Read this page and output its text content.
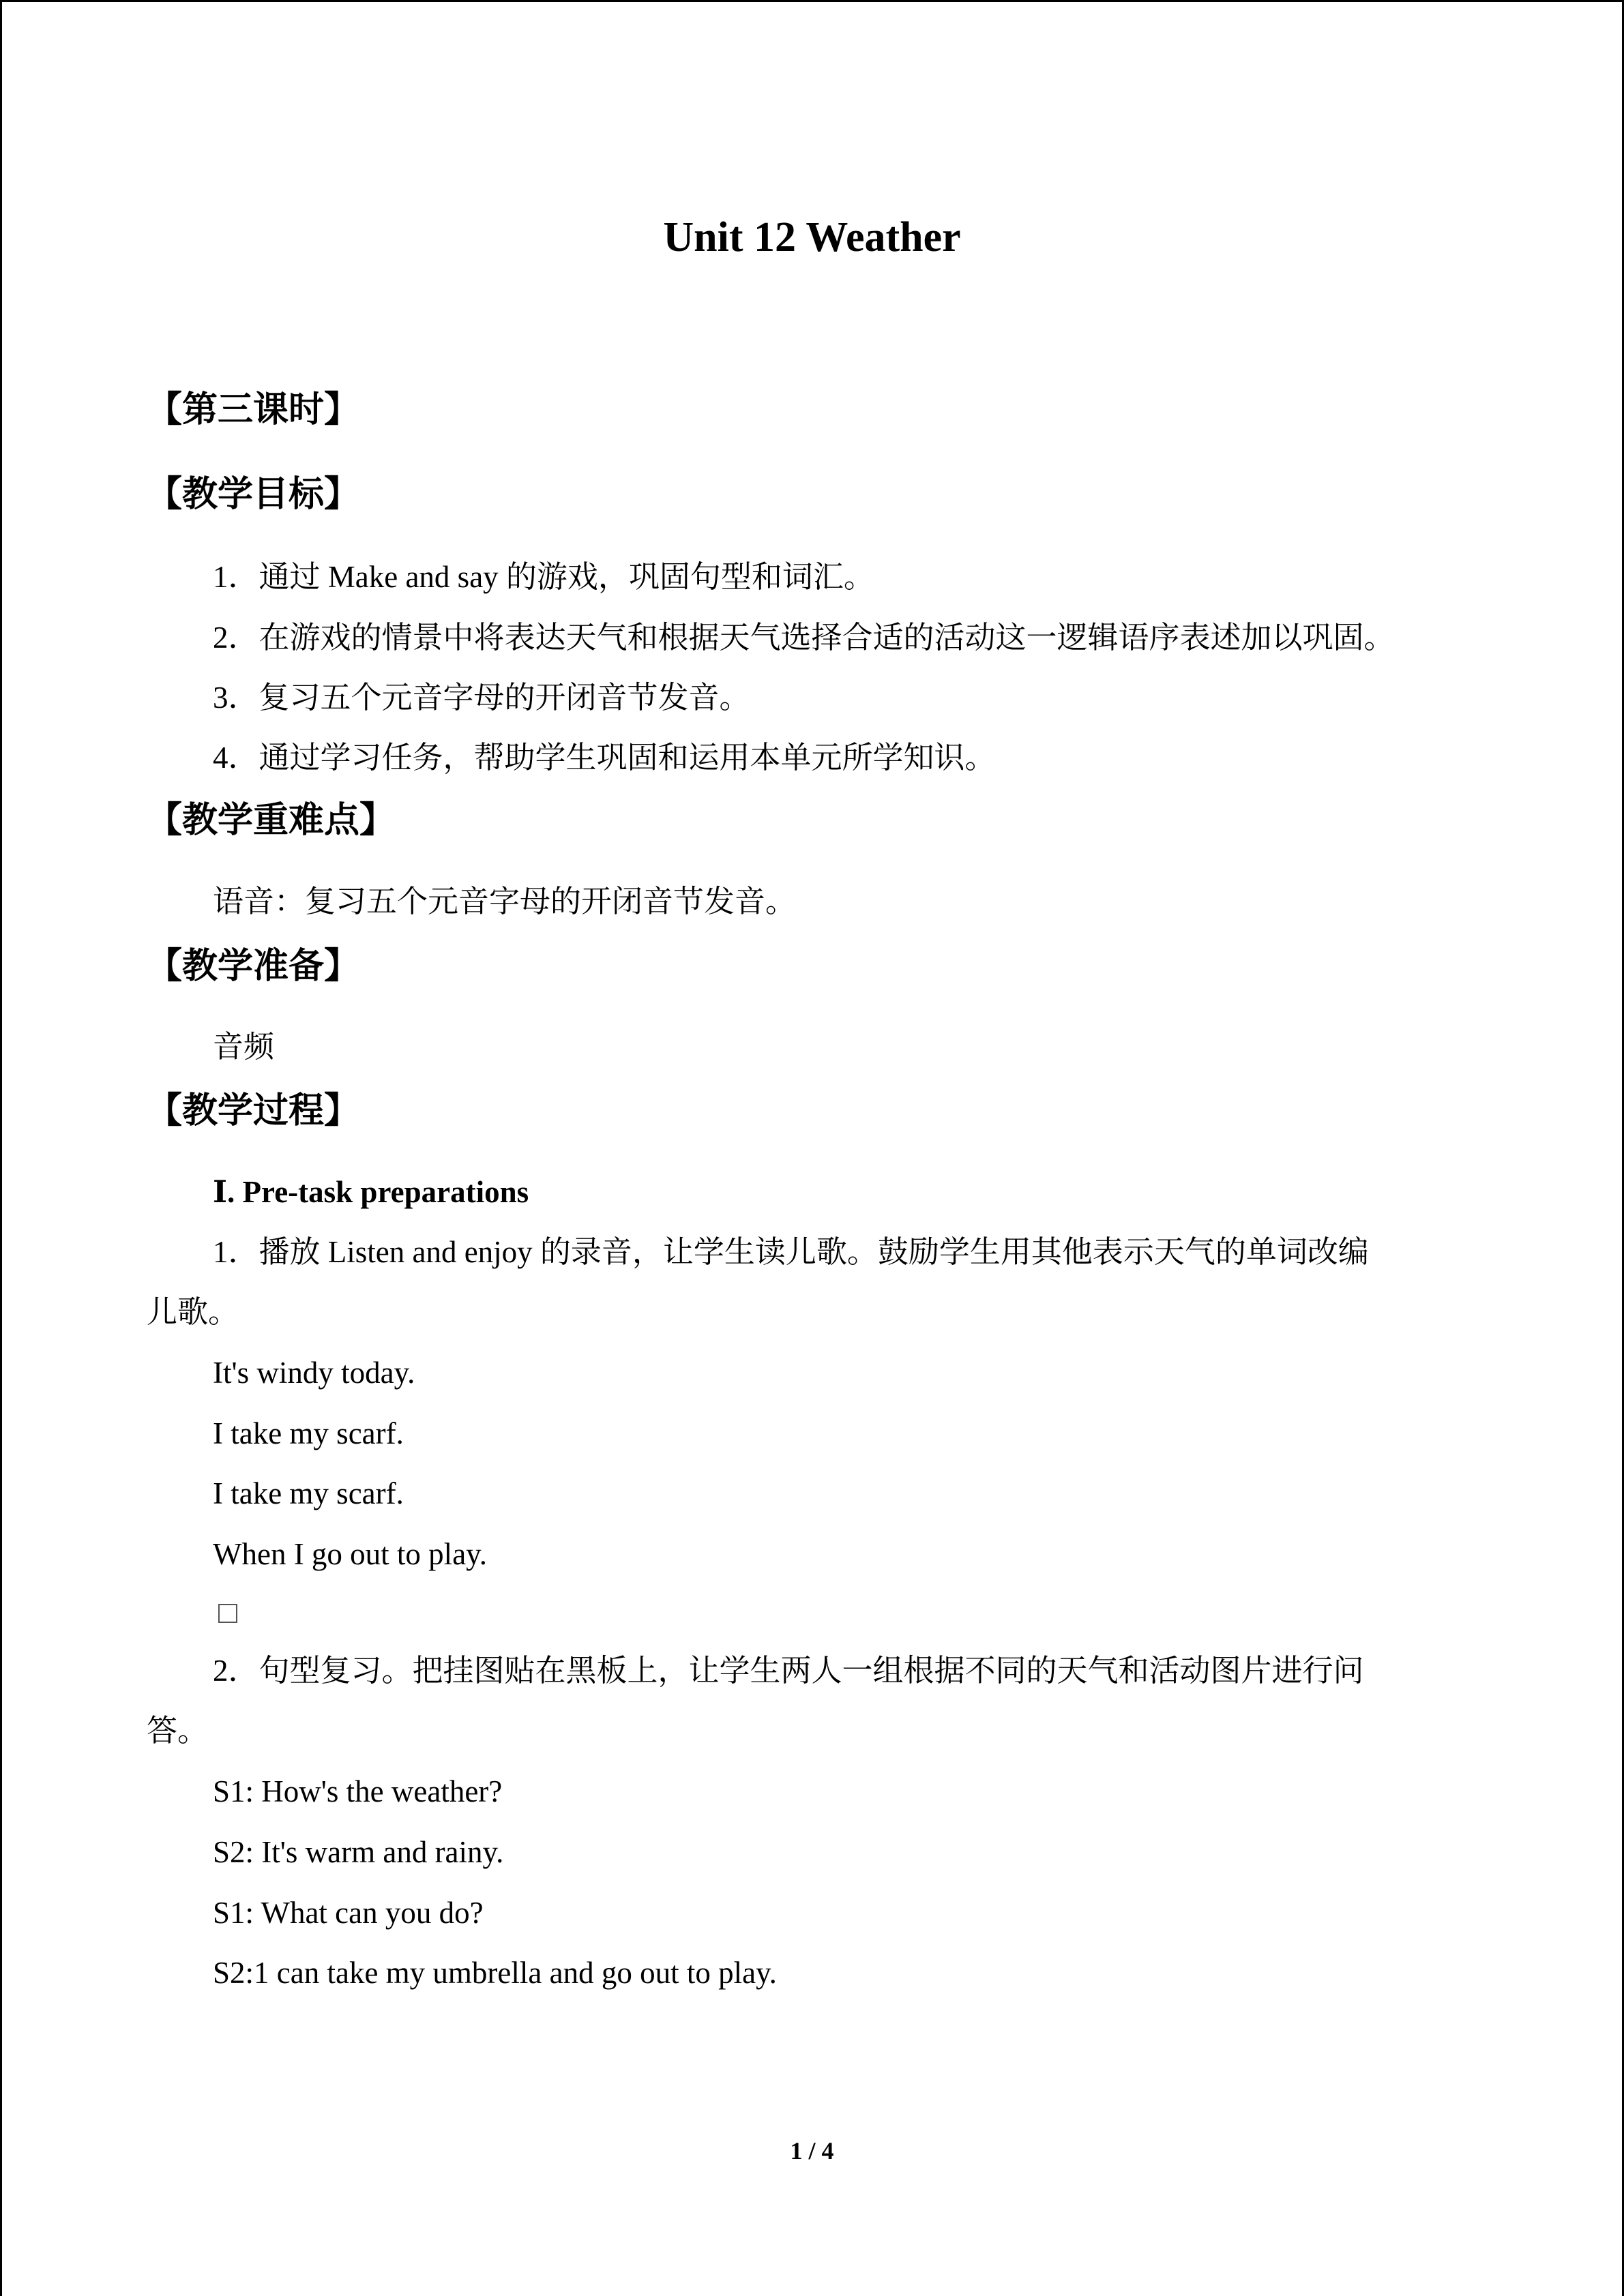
Unit 12 Weather

【第三课时】

【教学目标】

1．通过 Make and say 的游戏，巩固句型和词汇。

2．在游戏的情景中将表达天气和根据天气选择合适的活动这一逻辑语序表述加以巩固。

3．复习五个元音字母的开闭音节发音。

4．通过学习任务，帮助学生巩固和运用本单元所学知识。

【教学重难点】

语音：复习五个元音字母的开闭音节发音。

【教学准备】

音频

【教学过程】

Ⅰ. Pre-task preparations

1．播放 Listen and enjoy 的录音，让学生读儿歌。鼓励学生用其他表示天气的单词改编

儿歌。

It's windy today.

I take my scarf.

I take my scarf.

When I go out to play.

2．句型复习。把挂图贴在黑板上，让学生两人一组根据不同的天气和活动图片进行问

答。

S1: How's the weather?

S2: It's warm and rainy.

S1: What can you do?

S2:1 can take my umbrella and go out to play.

1 / 4
